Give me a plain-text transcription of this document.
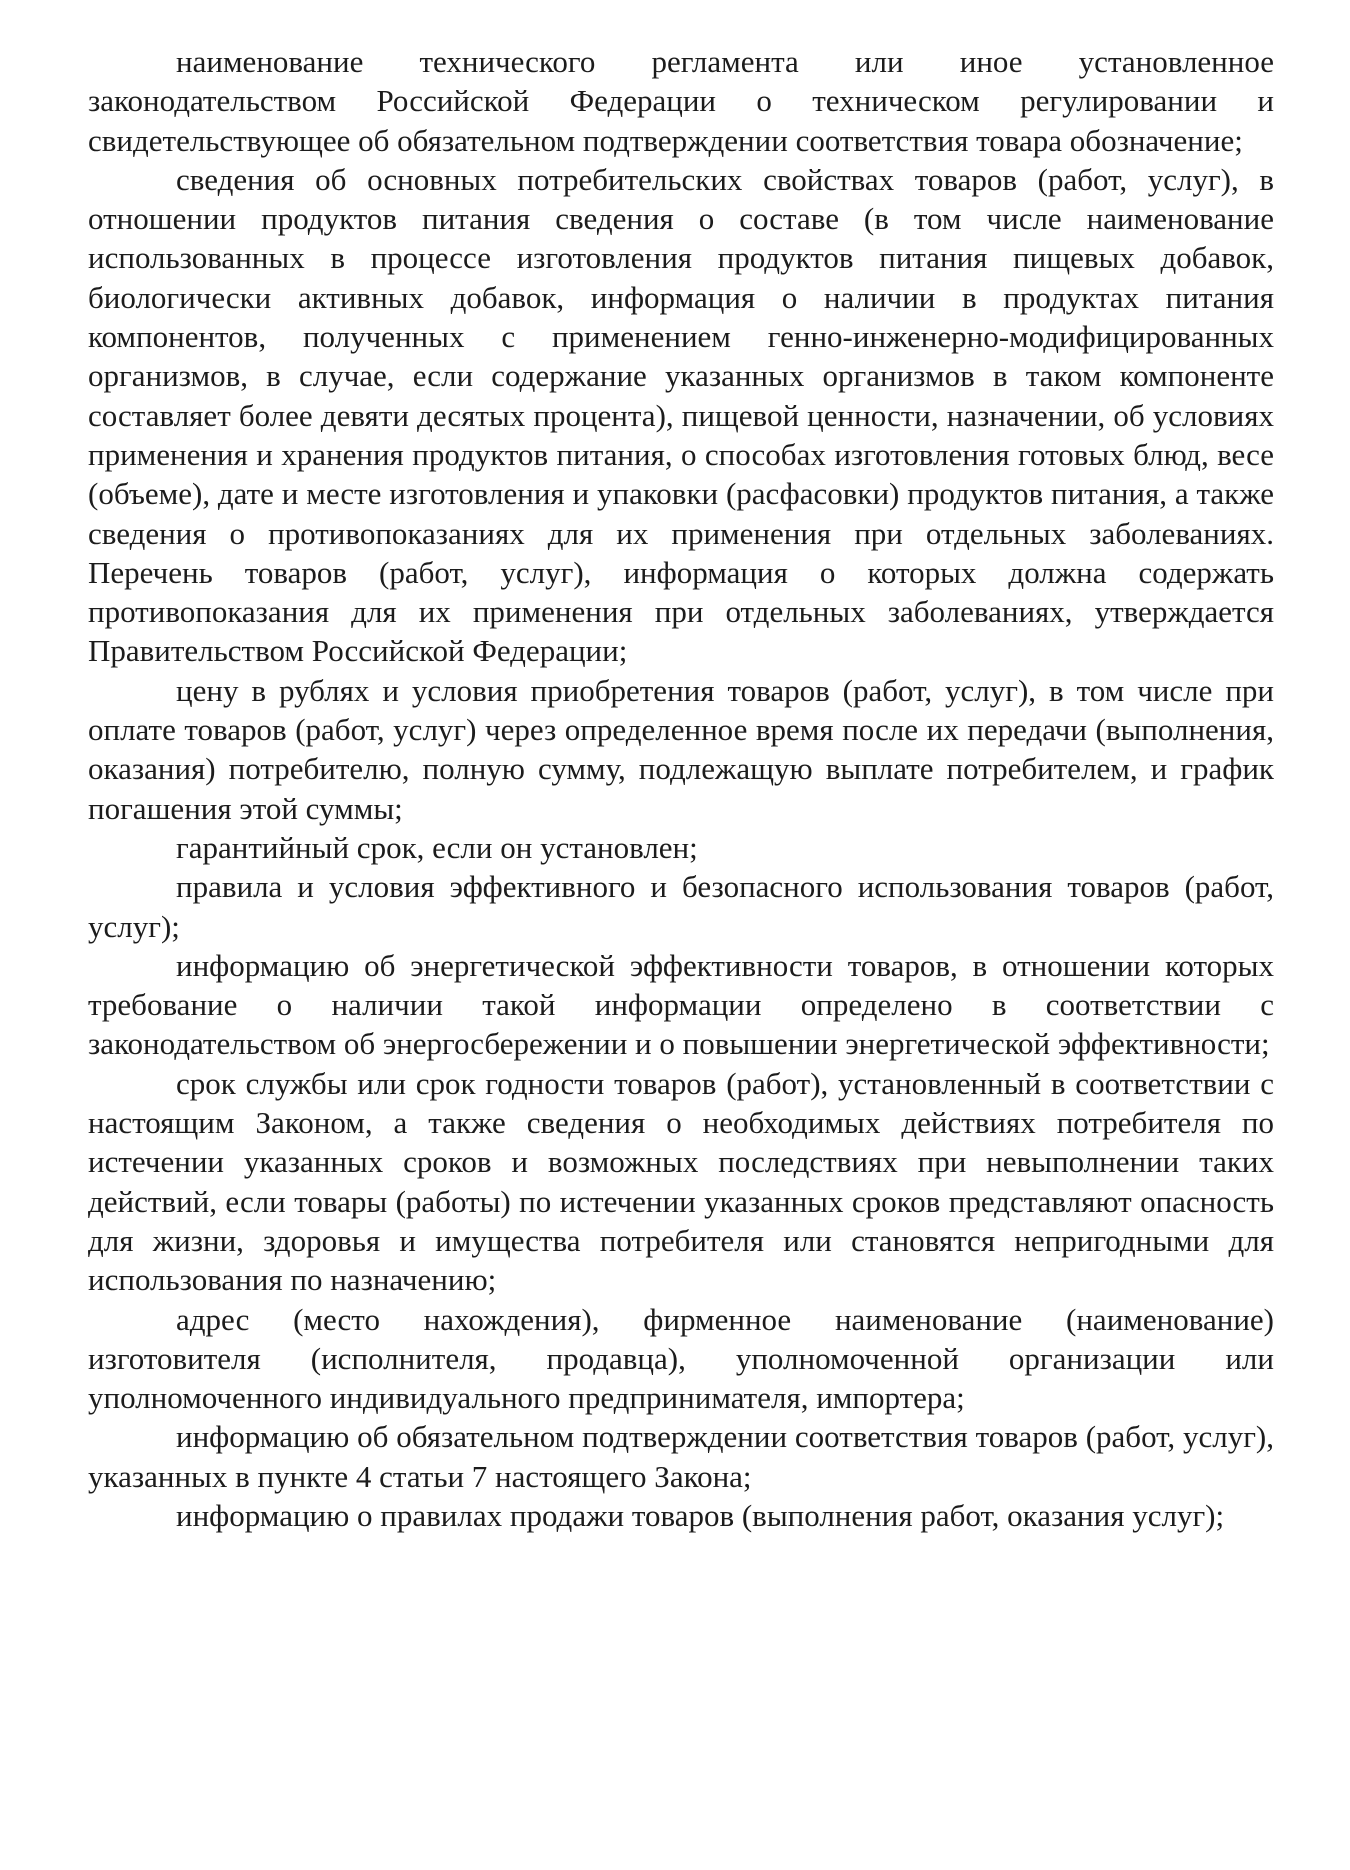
наименование технического регламента или иное установленное законодательством Российской Федерации о техническом регулировании и свидетельствующее об обязательном подтверждении соответствия товара обозначение;

сведения об основных потребительских свойствах товаров (работ, услуг), в отношении продуктов питания сведения о составе (в том числе наименование использованных в процессе изготовления продуктов питания пищевых добавок, биологически активных добавок, информация о наличии в продуктах питания компонентов, полученных с применением генно-инженерно-модифицированных организмов, в случае, если содержание указанных организмов в таком компоненте составляет более девяти десятых процента), пищевой ценности, назначении, об условиях применения и хранения продуктов питания, о способах изготовления готовых блюд, весе (объеме), дате и месте изготовления и упаковки (расфасовки) продуктов питания, а также сведения о противопоказаниях для их применения при отдельных заболеваниях. Перечень товаров (работ, услуг), информация о которых должна содержать противопоказания для их применения при отдельных заболеваниях, утверждается Правительством Российской Федерации;

цену в рублях и условия приобретения товаров (работ, услуг), в том числе при оплате товаров (работ, услуг) через определенное время после их передачи (выполнения, оказания) потребителю, полную сумму, подлежащую выплате потребителем, и график погашения этой суммы;

гарантийный срок, если он установлен;

правила и условия эффективного и безопасного использования товаров (работ, услуг);

информацию об энергетической эффективности товаров, в отношении которых требование о наличии такой информации определено в соответствии с законодательством об энергосбережении и о повышении энергетической эффективности;

срок службы или срок годности товаров (работ), установленный в соответствии с настоящим Законом, а также сведения о необходимых действиях потребителя по истечении указанных сроков и возможных последствиях при невыполнении таких действий, если товары (работы) по истечении указанных сроков представляют опасность для жизни, здоровья и имущества потребителя или становятся непригодными для использования по назначению;

адрес (место нахождения), фирменное наименование (наименование) изготовителя (исполнителя, продавца), уполномоченной организации или уполномоченного индивидуального предпринимателя, импортера;

информацию об обязательном подтверждении соответствия товаров (работ, услуг), указанных в пункте 4 статьи 7 настоящего Закона;

информацию о правилах продажи товаров (выполнения работ, оказания услуг);
